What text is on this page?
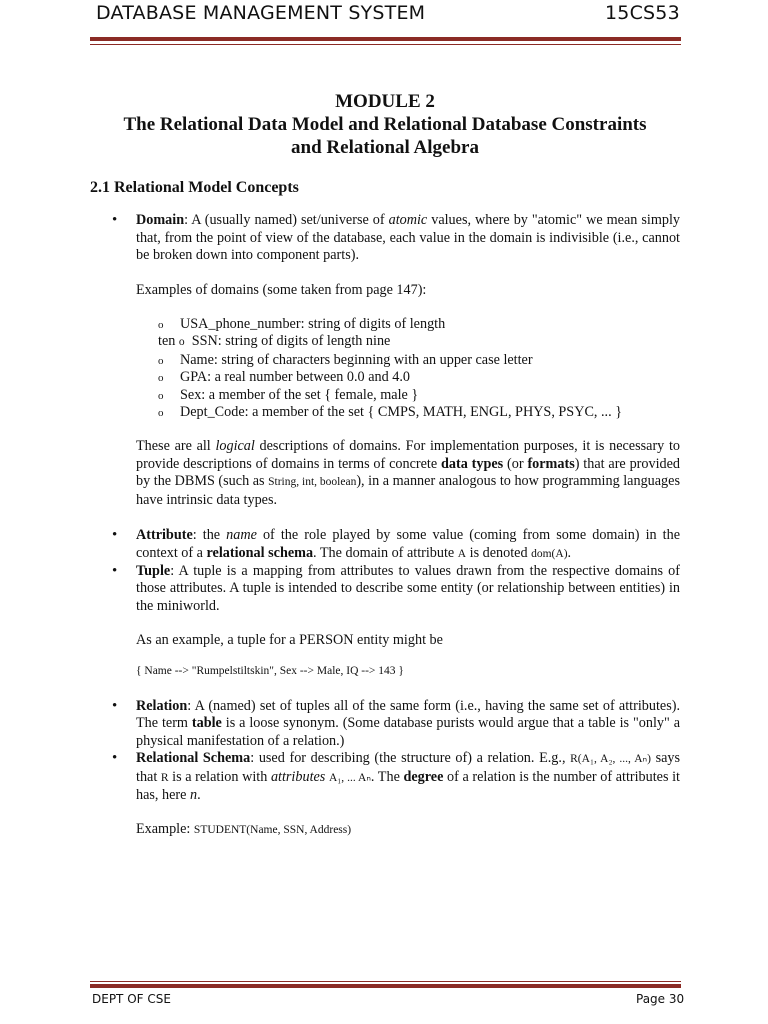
DATABASE MANAGEMENT SYSTEM	15CS53

MODULE 2
The Relational Data Model and Relational Database Constraints
and Relational Algebra

2.1 Relational Model Concepts

• Domain: A (usually named) set/universe of atomic values, where by "atomic" we mean simply that, from the point of view of the database, each value in the domain is indivisible (i.e., cannot be broken down into component parts).
Examples of domains (some taken from page 147):
o USA_phone_number: string of digits of length
ten o SSN: string of digits of length nine
o Name: string of characters beginning with an upper case letter
o GPA: a real number between 0.0 and 4.0
o Sex: a member of the set { female, male }
o Dept_Code: a member of the set { CMPS, MATH, ENGL, PHYS, PSYC, ... }
These are all logical descriptions of domains. For implementation purposes, it is necessary to provide descriptions of domains in terms of concrete data types (or formats) that are provided by the DBMS (such as String, int, boolean), in a manner analogous to how programming languages have intrinsic data types.
• Attribute: the name of the role played by some value (coming from some domain) in the context of a relational schema. The domain of attribute A is denoted dom(A).
• Tuple: A tuple is a mapping from attributes to values drawn from the respective domains of those attributes. A tuple is intended to describe some entity (or relationship between entities) in the miniworld.
As an example, a tuple for a PERSON entity might be
{ Name --> "Rumpelstiltskin", Sex --> Male, IQ --> 143 }
• Relation: A (named) set of tuples all of the same form (i.e., having the same set of attributes). The term table is a loose synonym. (Some database purists would argue that a table is "only" a physical manifestation of a relation.)
• Relational Schema: used for describing (the structure of) a relation. E.g., R(A₁, A₂, ..., Aₙ) says that R is a relation with attributes A₁, ... Aₙ. The degree of a relation is the number of attributes it has, here n.
Example: STUDENT(Name, SSN, Address)
DEPT OF CSE	Page 30
